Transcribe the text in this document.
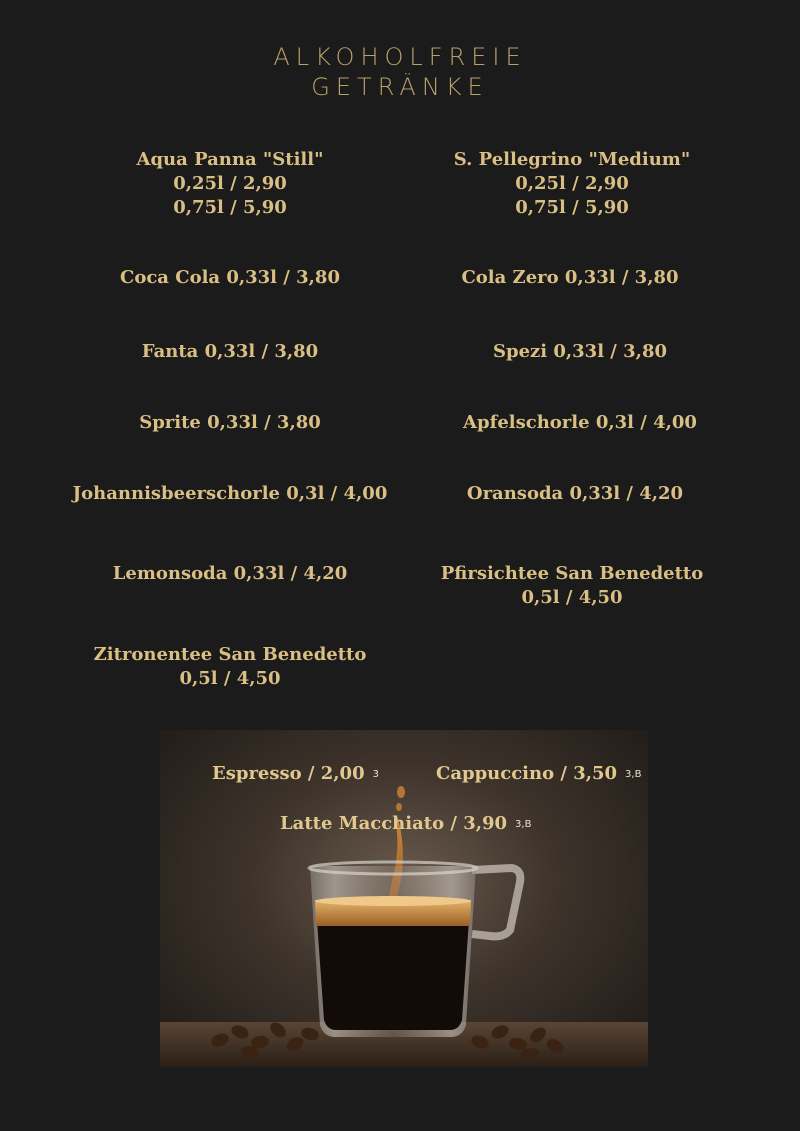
ALKOHOLFREIE
GETRÄNKE
Aqua Panna "Still"
0,25l / 2,90
0,75l / 5,90
Coca Cola 0,33l / 3,80
Fanta 0,33l / 3,80
Sprite 0,33l / 3,80
Johannisbeerschorle 0,3l / 4,00
Lemonsoda 0,33l / 4,20
Zitronentee San Benedetto
0,5l / 4,50
S. Pellegrino "Medium"
0,25l / 2,90
0,75l / 5,90
Cola Zero 0,33l / 3,80
Spezi 0,33l / 3,80
Apfelschorle 0,3l / 4,00
Oransoda 0,33l / 4,20
Pfirsichtee San Benedetto
0,5l / 4,50
Espresso / 2,00 3	Cappuccino / 3,50 3,B
Latte Macchiato / 3,90 3,B
